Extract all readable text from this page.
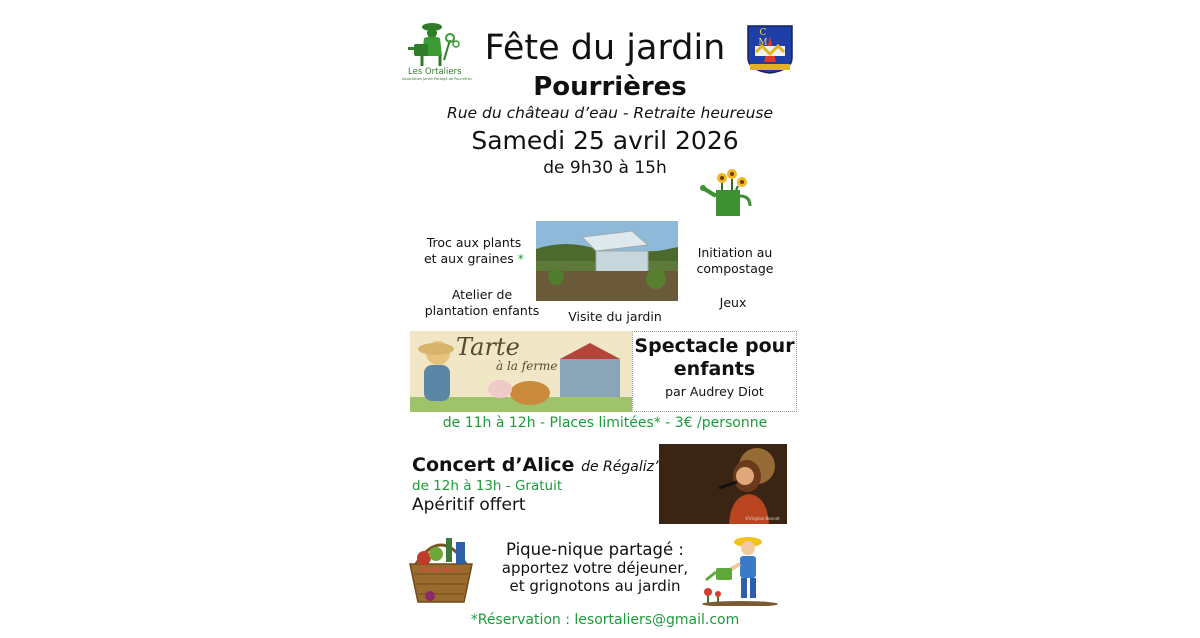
Les Ortaliers
Association Jardin Partagé de Pourrières
C M
Fête du jardin
Pourrières
Rue du château d’eau - Retraite heureuse
Samedi 25 avril 2026
de 9h30 à 15h
Troc aux plants
et aux graines *
Atelier de
plantation enfants	Visite du jardin
Initiation au
compostage
Jeux
Tarte
à la ferme
Spectacle pour enfants
par Audrey Diot
de 11h à 12h - Places limitées* - 3€ /personne
Concert d’Alice de Régaliz’
de 12h à 13h - Gratuit
Apéritif offert
©Virginie Bonnet
Pique-nique partagé :
apportez votre déjeuner,
et grignotons au jardin
*Réservation : lesortaliers@gmail.com
